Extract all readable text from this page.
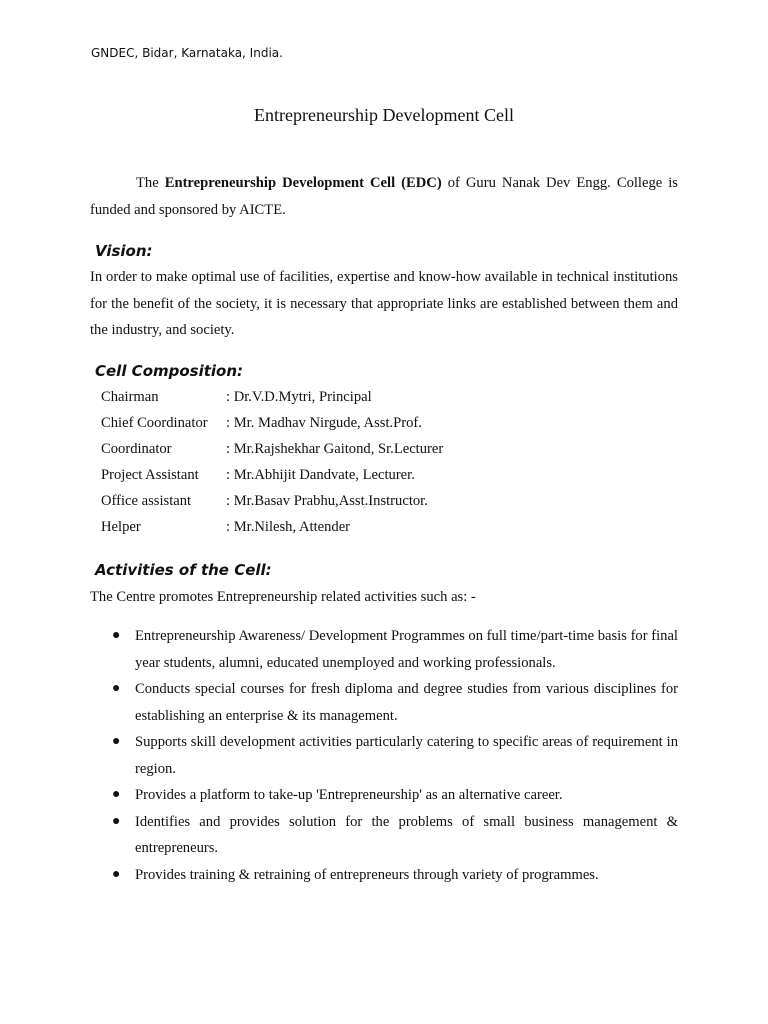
GNDEC, Bidar, Karnataka, India.
Entrepreneurship Development Cell
The Entrepreneurship Development Cell (EDC) of Guru Nanak Dev Engg. College is funded and sponsored by AICTE.
Vision:
In order to make optimal use of facilities, expertise and know-how available in technical institutions for the benefit of the society, it is necessary that appropriate links are established between them and the industry, and society.
Cell Composition:
Chairman	: Dr.V.D.Mytri, Principal
Chief Coordinator : Mr. Madhav Nirgude, Asst.Prof.
Coordinator	: Mr.Rajshekhar Gaitond, Sr.Lecturer
Project Assistant : Mr.Abhijit Dandvate, Lecturer.
Office assistant : Mr.Basav Prabhu,Asst.Instructor.
Helper	: Mr.Nilesh, Attender
Activities of the Cell:
The Centre promotes Entrepreneurship related activities such as: -
● Entrepreneurship Awareness/ Development Programmes on full time/part-time basis for final year students, alumni, educated unemployed and working professionals.
● Conducts special courses for fresh diploma and degree studies from various disciplines for establishing an enterprise & its management.
● Supports skill development activities particularly catering to specific areas of requirement in region.
● Provides a platform to take-up 'Entrepreneurship' as an alternative career.
● Identifies and provides solution for the problems of small business management & entrepreneurs.
● Provides training & retraining of entrepreneurs through variety of programmes.
